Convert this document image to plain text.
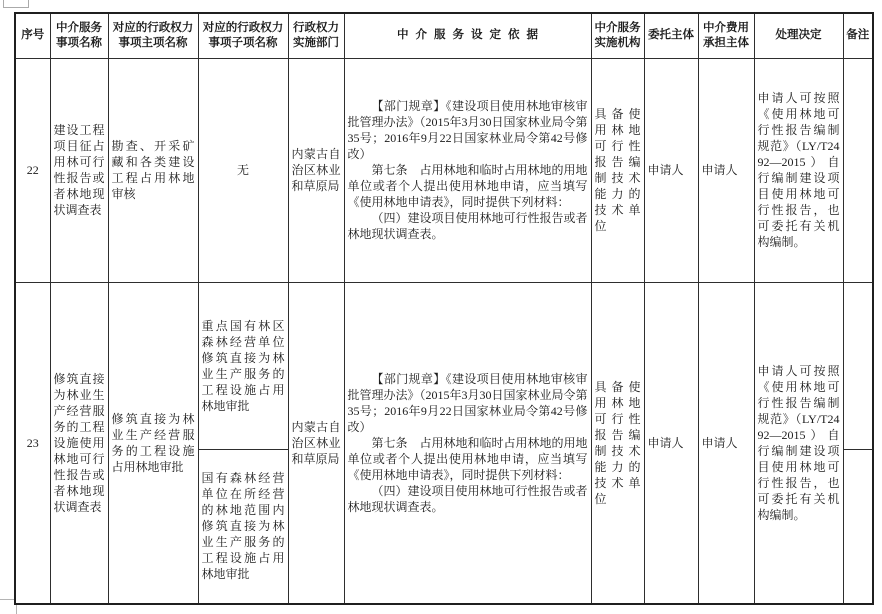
序号	中介服务事项名称	对应的行政权力事项主项名称	对应的行政权力事项子项名称	行政权力实施部门	中介服务设定依据	中介服务实施机构	委托主体	中介费用承担主体	处理决定	备注
22	建设工程项目征占用林可行性报告或者林地现状调查表	勘查、开采矿藏和各类建设工程占用林地审核	无	内蒙古自治区林业和草原局	【部门规章】《建设项目使用林地审核审批管理办法》（2015年3月30日国家林业局令第35号；2016年9月22日国家林业局令第42号修改）

第七条　占用林地和临时占用林地的用地单位或者个人提出使用林地申请，应当填写《使用林地申请表》，同时提供下列材料：

（四）建设项目使用林地可行性报告或者林地现状调查表。	具备使用林地可行性报告编制技术能力的技术单位	申请人	申请人	申请人可按照《使用林地可行性报告编制规范》（LY/T2492—2015）自行编制建设项目使用林地可行性报告，也可委托有关机构编制。	
23	修筑直接为林业生产经营服务的工程设施使用林地可行性报告或者林地现状调查表	修筑直接为林业生产经营服务的工程设施占用林地审批	重点国有林区森林经营单位修筑直接为林业生产服务的工程设施占用林地审批	内蒙古自治区林业和草原局	【部门规章】《建设项目使用林地审核审批管理办法》（2015年3月30日国家林业局令第35号；2016年9月22日国家林业局令第42号修改）

第七条　占用林地和临时占用林地的用地单位或者个人提出使用林地申请，应当填写《使用林地申请表》，同时提供下列材料：

（四）建设项目使用林地可行性报告或者林地现状调查表。	具备使用林地可行性报告编制技术能力的技术单位	申请人	申请人	申请人可按照《使用林地可行性报告编制规范》（LY/T2492—2015）自行编制建设项目使用林地可行性报告，也可委托有关机构编制。	
			国有森林经营单位在所经营的林地范围内修筑直接为林业生产服务的工程设施占用林地审批							
